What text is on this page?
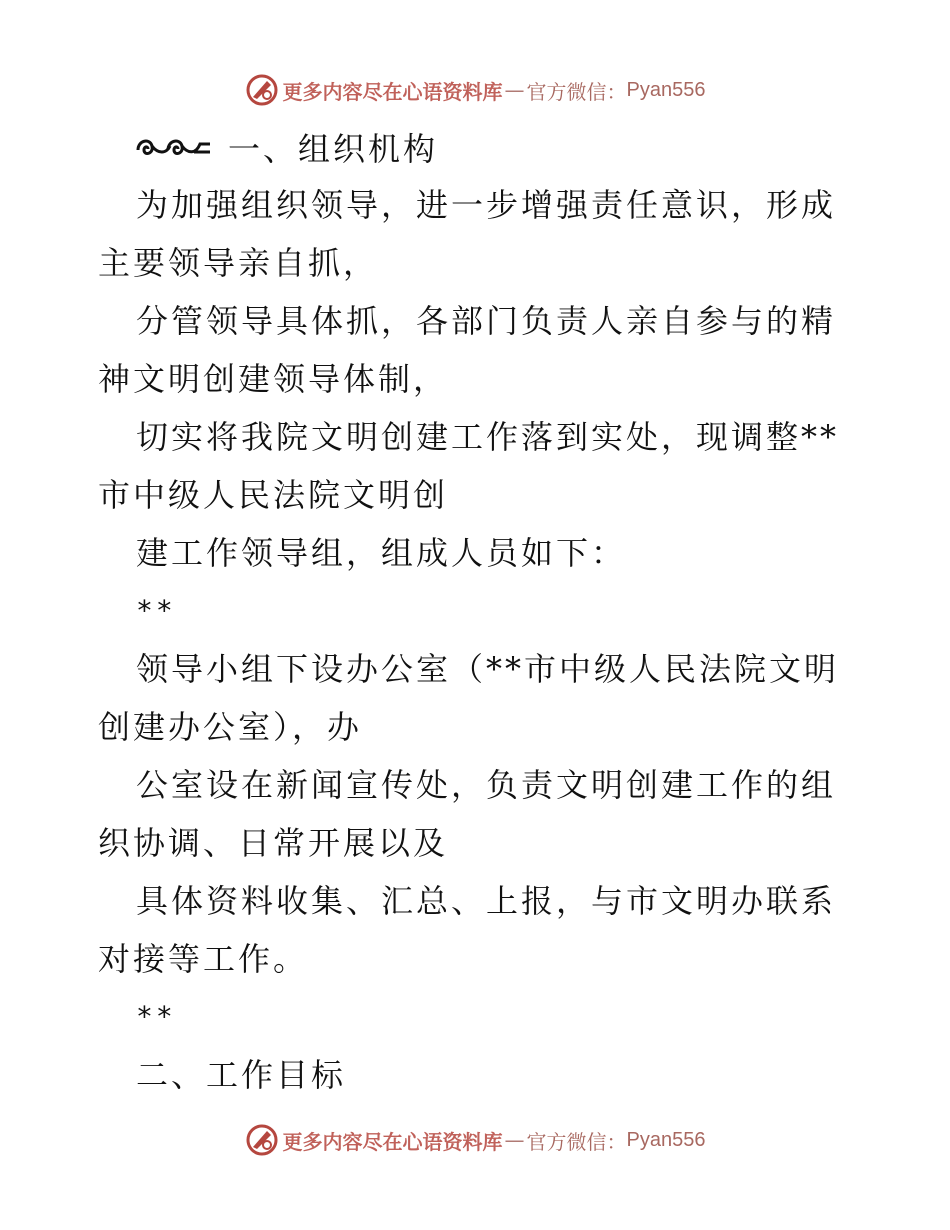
更多内容尽在心语资料库 — 官方微信： Pyan556
一、组织机构

为加强组织领导，进一步增强责任意识，形成主要领导亲自抓，

分管领导具体抓，各部门负责人亲自参与的精神文明创建领导体制，

切实将我院文明创建工作落到实处，现调整**市中级人民法院文明创

建工作领导组，组成人员如下：

**

领导小组下设办公室（**市中级人民法院文明创建办公室），办

公室设在新闻宣传处，负责文明创建工作的组织协调、日常开展以及

具体资料收集、汇总、上报，与市文明办联系对接等工作。

**

二、工作目标

更多内容尽在心语资料库 — 官方微信： Pyan556
